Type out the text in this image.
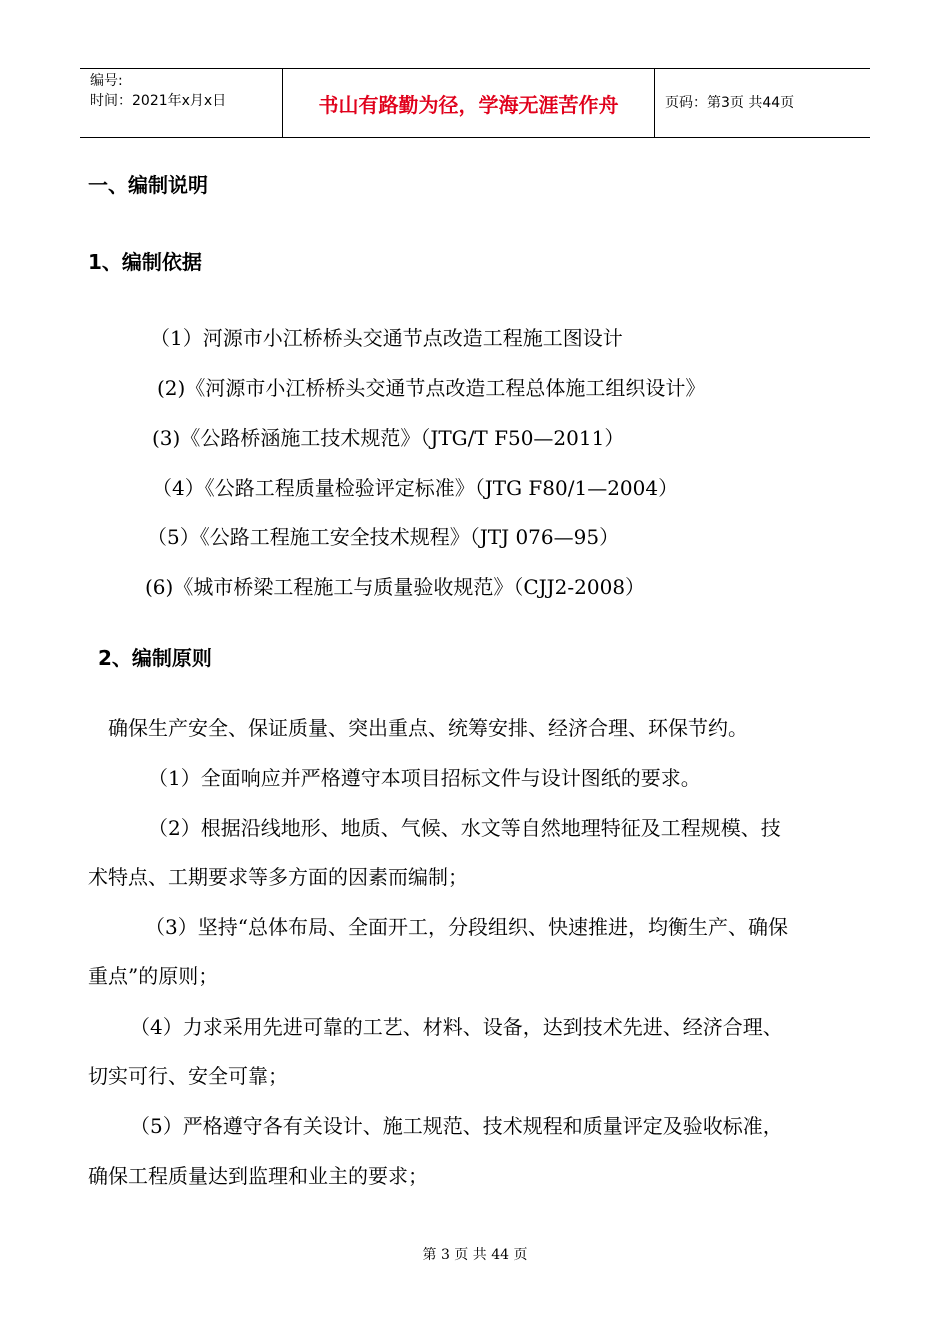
编号:
时间：2021年x月x日	书山有路勤为径，学海无涯苦作舟	页码：第3页 共44页
一、编制说明
1、编制依据
（1）河源市小江桥桥头交通节点改造工程施工图设计
(2)《河源市小江桥桥头交通节点改造工程总体施工组织设计》
(3)《公路桥涵施工技术规范》（JTG/T F50—2011）
（4）《公路工程质量检验评定标准》（JTG F80/1—2004）
（5）《公路工程施工安全技术规程》（JTJ 076—95）
(6)《城市桥梁工程施工与质量验收规范》（CJJ2-2008）
2、编制原则
确保生产安全、保证质量、突出重点、统筹安排、经济合理、环保节约。
（1）全面响应并严格遵守本项目招标文件与设计图纸的要求。
（2）根据沿线地形、地质、气候、水文等自然地理特征及工程规模、技
术特点、工期要求等多方面的因素而编制；
（3）坚持“总体布局、全面开工，分段组织、快速推进，均衡生产、确保
重点”的原则；
（4）力求采用先进可靠的工艺、材料、设备，达到技术先进、经济合理、
切实可行、安全可靠；
（5）严格遵守各有关设计、施工规范、技术规程和质量评定及验收标准，
确保工程质量达到监理和业主的要求；
第 3 页 共 44 页
